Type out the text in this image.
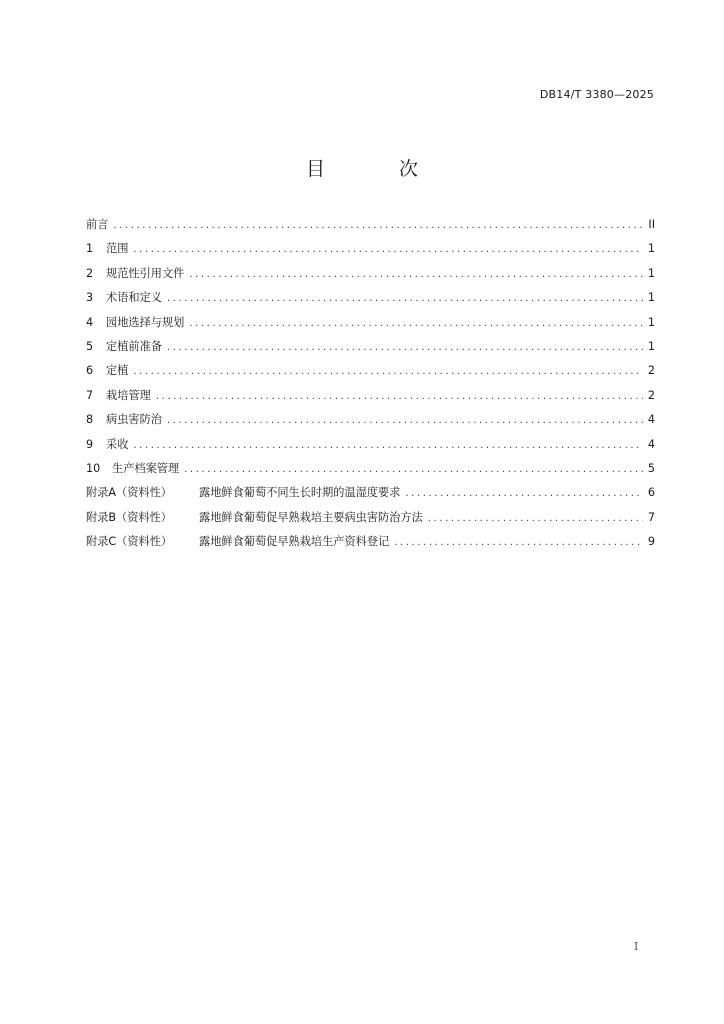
DB14/T 3380—2025
目 次
前言 .....	II
1	范围 .....	1
2	规范性引用文件 .....	1
3	术语和定义 .....	1
4	园地选择与规划 .....	1
5	定植前准备 .....	1
6	定植 .....	2
7	栽培管理 .....	2
8	病虫害防治 .....	4
9	采收 .....	4
10	生产档案管理 .....	5
附录A（资料性）	露地鲜食葡萄不同生长时期的温湿度要求 .....	6
附录B（资料性）	露地鲜食葡萄促早熟栽培主要病虫害防治方法 .....	7
附录C（资料性）	露地鲜食葡萄促早熟栽培生产资料登记 .....	9
I
